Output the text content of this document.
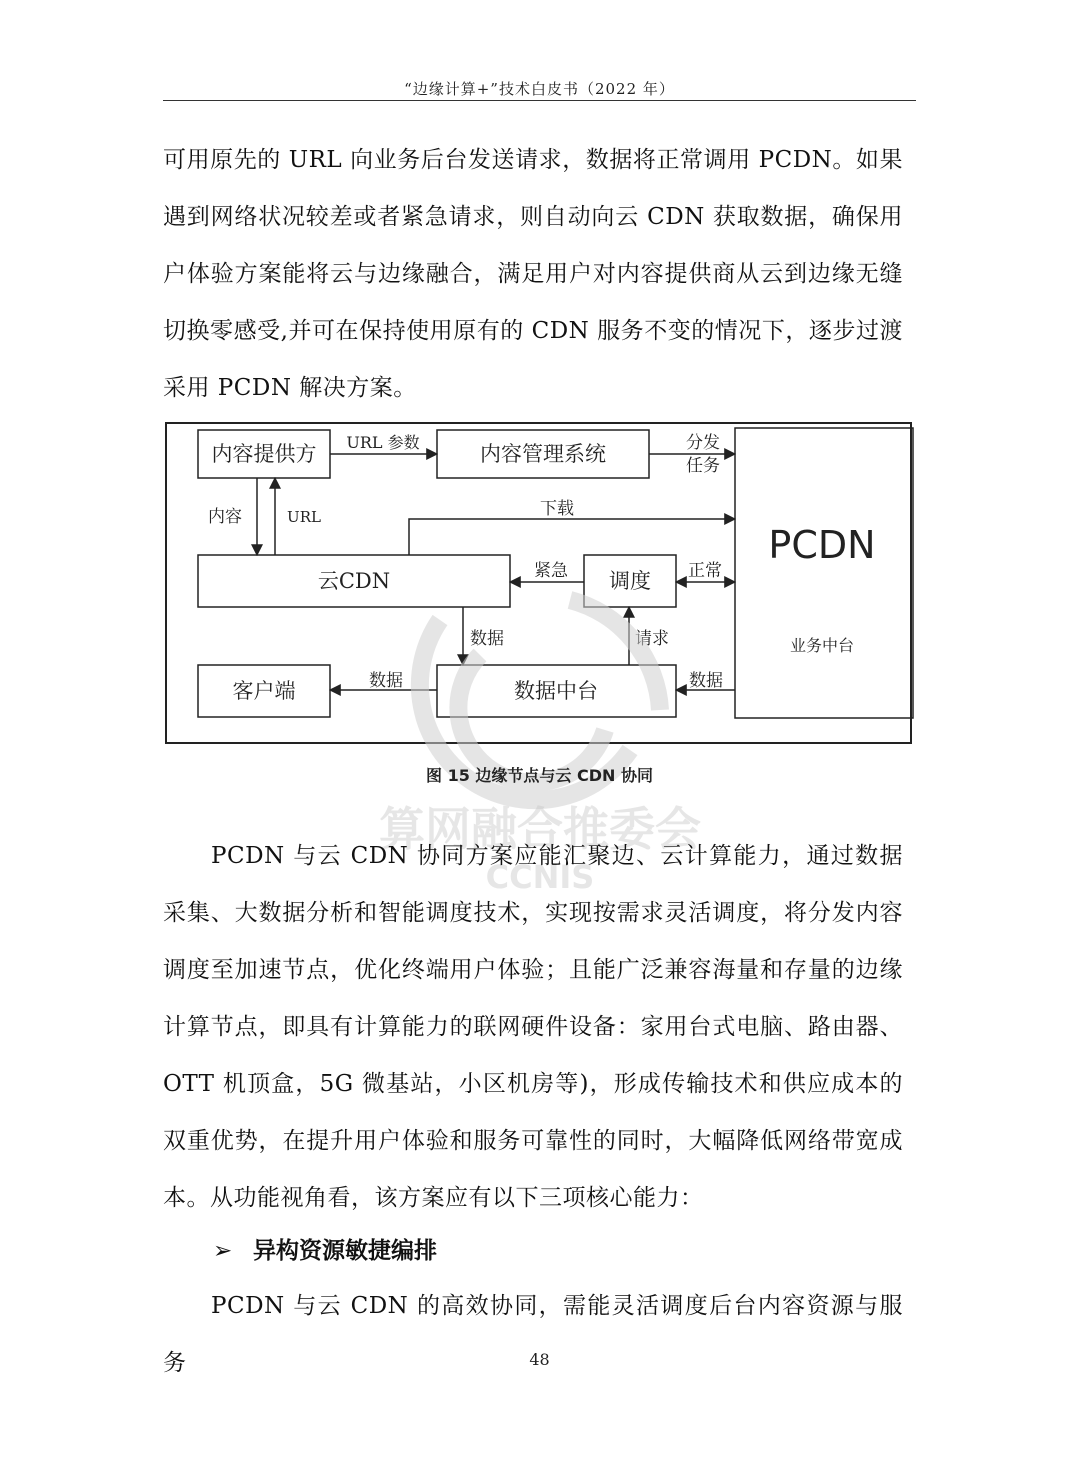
“边缘计算+”技术白皮书（2022 年）

可用原先的 URL 向业务后台发送请求，数据将正常调用 PCDN。如果遇到网络状况较差或者紧急请求，则自动向云 CDN 获取数据，确保用户体验方案能将云与边缘融合，满足用户对内容提供商从云到边缘无缝切换零感受,并可在保持使用原有的 CDN 服务不变的情况下，逐步过渡采用 PCDN 解决方案。

内容提供方	内容管理系统
云CDN	调度
客户端	数据中台
PCDN
业务中台
URL 参数	分发
任务
内容	URL	下载
紧急	正常
数据	请求
数据	数据
算网融合推委会
CCNIS
图 15 边缘节点与云 CDN 协同

PCDN 与云 CDN 协同方案应能汇聚边、云计算能力，通过数据采集、大数据分析和智能调度技术，实现按需求灵活调度，将分发内容调度至加速节点，优化终端用户体验；且能广泛兼容海量和存量的边缘计算节点，即具有计算能力的联网硬件设备：家用台式电脑、路由器、OTT 机顶盒，5G 微基站，小区机房等)，形成传输技术和供应成本的双重优势，在提升用户体验和服务可靠性的同时，大幅降低网络带宽成本。从功能视角看，该方案应有以下三项核心能力：

➢ 异构资源敏捷编排

PCDN 与云 CDN 的高效协同，需能灵活调度后台内容资源与服务	48
